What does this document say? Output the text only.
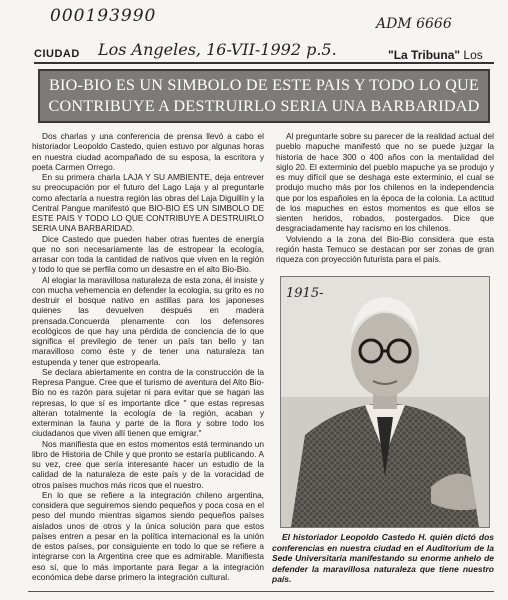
000193990	ADM 6666
Los Angeles, 16-VII-1992 p.5.
CIUDAD	"La Tribuna" Los
BIO-BIO ES UN SIMBOLO DE ESTE PAIS Y TODO LO QUE
CONTRIBUYE A DESTRUIRLO SERIA UNA BARBARIDAD

Dos charlas y una conferencia de prensa llevó a cabo el historiador Leopoldo Castedo, quien estuvo por algunas horas en nuestra ciudad acompañado de su esposa, la escritora y poeta Carmen Orrego.

En su primera charla LAJA Y SU AMBIENTE, deja entrever su preocupación por el futuro del Lago Laja y al preguntarle como afectaría a nuestra región las obras del Laja Diguillín y la Central Pangue manifestó que BIO-BIO ES UN SIMBOLO DE ESTE PAIS Y TODO LO QUE CONTRIBUYE A DESTRUIRLO SERIA UNA BARBARIDAD.

Dice Castedo que pueden haber otras fuentes de energía que no son necesariamente las de estropear la ecología, arrasar con toda la cantidad de nativos que viven en la región y todo lo que se perfila como un desastre en el alto Bio-Bio.

Al elogiar la maravillosa naturaleza de esta zona, él insiste y con mucha vehemencia en defender la ecología, su grito es no destruir el bosque nativo en astillas para los japoneses quienes las devuelven después en madera prensada.Concuerda plenamente con los defensores ecológicos de que hay una pérdida de conciencia de lo que significa el previlegio de tener un país tan bello y tan maravilloso como éste y de tener una naturaleza tan estupenda y tener que estropearla.

Se declara abiertamente en contra de la construcción de la Represa Pangue. Cree que el turismo de aventura del Alto Bio-Bio no es razón para sujetar ni para evitar que se hagan las represas, lo que sí es importante dice " que estas represas alteran totalmente la ecología de la región, acaban y exterminan la fauna y parte de la flora y sobre todo los ciudadanos que viven allí tienen que emigrar."

Nos manifiesta que en estos momentos está terminando un libro de Historia de Chile y que pronto se estaría publicando. A su vez, cree que sería interesante hacer un estudio de la calidad de la naturaleza de este país y de la voracidad de otros países muchos más ricos que el nuestro.

En lo que se refiere a la integración chileno argentina, considera que seguiremos siendo pequeños y poca cosa en el peso del mundo mientras sigamos siendo pequeños países aislados unos de otros y la única solución para que estos países entren a pesar en la política internacional es la unión de estos países, por consiguiente en todo lo que se refiere a integrarse con la Argentina cree que es admirable. Manifiesta eso sí, que lo más importante para llegar a la integración económica debe darse primero la integración cultural.

Al preguntarle sobre su parecer de la realidad actual del pueblo mapuche manifestó que no se puede juzgar la historia de hace 300 o 400 años con la mentalidad del siglo 20. El exterminio del pueblo mapuche ya se produjo y es muy difícil que se deshaga este exterminio, el cual se produjo mucho más por los chilenos en la independencia que por los españoles en la época de la colonia. La actitud de los mapuches en estos momentos es que ellos se sienten heridos, robados, postergados. Dice que desgraciadamente hay racismo en los chilenos.

Volviendo a la zona del Bio-Bio considera que esta región hasta Temuco se destacan por ser zonas de gran riqueza con proyección futurista para el país.

1915-

El historiador Leopoldo Castedo H. quién dictó dos conferencias en nuestra ciudad en el Auditorium de la Sede Universitaria manifestando su enorme anhelo de defender la maravillosa naturaleza que tiene nuestro país.
